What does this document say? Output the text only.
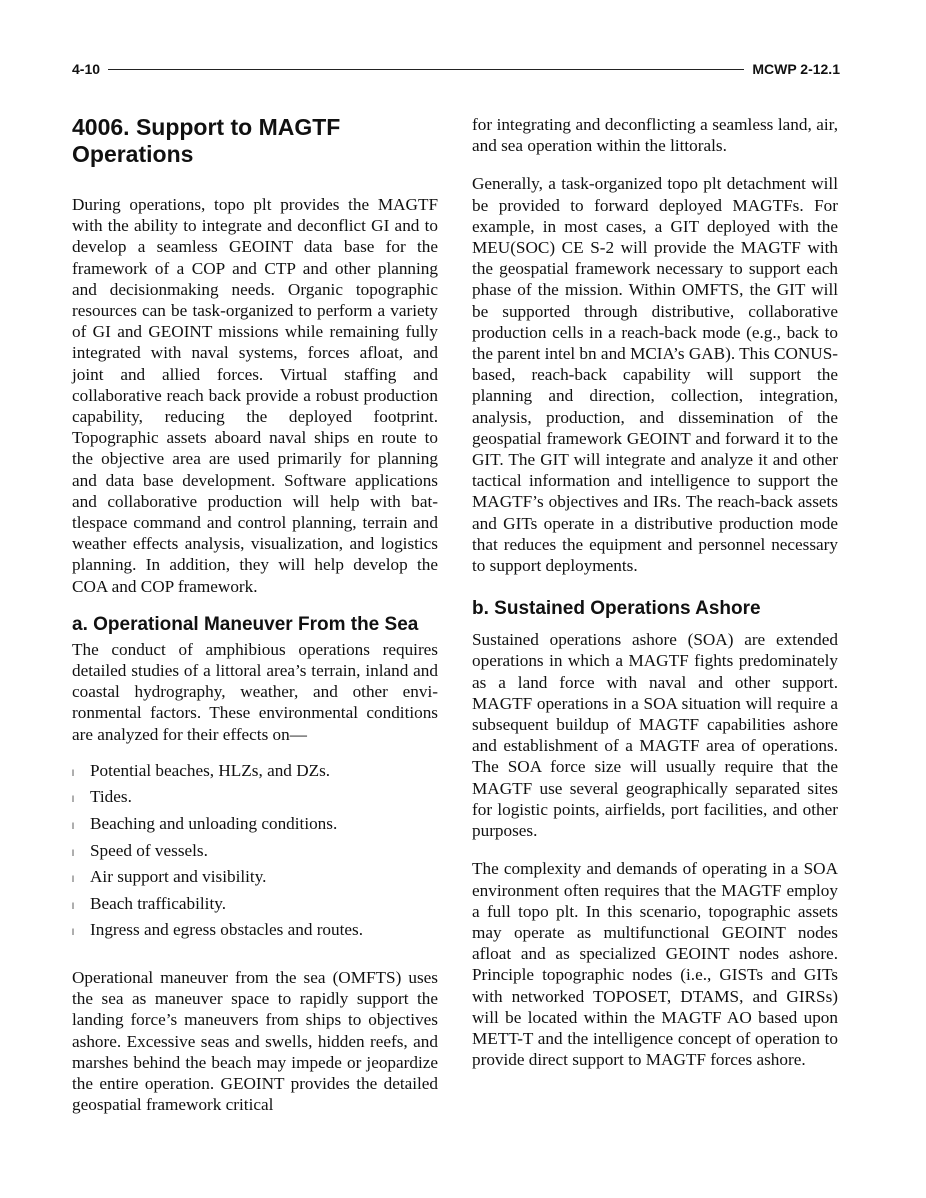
4-10	MCWP 2-12.1
4006. Support to MAGTF Operations

During operations, topo plt provides the MAGTF with the ability to integrate and deconflict GI and to develop a seamless GEOINT data base for the framework of a COP and CTP and other planning and decisionmaking needs. Organic topographic resources can be task-organized to perform a variety of GI and GEOINT missions while remaining fully integrated with naval systems, forces afloat, and joint and allied forces. Virtual staffing and collaborative reach back provide a robust production capability, reducing the deployed footprint. Topographic assets aboard naval ships en route to the objective area are used primarily for planning and data base development. Software applications and collaborative production will help with battlespace command and control planning, terrain and weather effects analysis, visualization, and logistics planning. In addition, they will help develop the COA and COP framework.

a. Operational Maneuver From the Sea

The conduct of amphibious operations requires detailed studies of a littoral area’s terrain, inland and coastal hydrography, weather, and other environmental factors. These environmental conditions are analyzed for their effects on—

l Potential beaches, HLZs, and DZs.
l Tides.
l Beaching and unloading conditions.
l Speed of vessels.
l Air support and visibility.
l Beach trafficability.
l Ingress and egress obstacles and routes.

Operational maneuver from the sea (OMFTS) uses the sea as maneuver space to rapidly support the landing force’s maneuvers from ships to objectives ashore. Excessive seas and swells, hidden reefs, and marshes behind the beach may impede or jeopardize the entire operation. GEOINT provides the detailed geospatial framework critical

for integrating and deconflicting a seamless land, air, and sea operation within the littorals.

Generally, a task-organized topo plt detachment will be provided to forward deployed MAGTFs. For example, in most cases, a GIT deployed with the MEU(SOC) CE S-2 will provide the MAGTF with the geospatial framework necessary to support each phase of the mission. Within OMFTS, the GIT will be supported through distributive, collaborative production cells in a reach-back mode (e.g., back to the parent intel bn and MCIA’s GAB). This CONUS-based, reach-back capability will support the planning and direction, collection, integration, analysis, production, and dissemination of the geospatial framework GEOINT and forward it to the GIT. The GIT will integrate and analyze it and other tactical information and intelligence to support the MAGTF’s objectives and IRs. The reach-back assets and GITs operate in a distributive production mode that reduces the equipment and personnel necessary to support deployments.

b. Sustained Operations Ashore

Sustained operations ashore (SOA) are extended operations in which a MAGTF fights predominately as a land force with naval and other support. MAGTF operations in a SOA situation will require a subsequent buildup of MAGTF capabilities ashore and establishment of a MAGTF area of operations. The SOA force size will usually require that the MAGTF use several geographically separated sites for logistic points, airfields, port facilities, and other purposes.

The complexity and demands of operating in a SOA environment often requires that the MAGTF employ a full topo plt. In this scenario, topographic assets may operate as multifunctional GEOINT nodes afloat and as specialized GEOINT nodes ashore. Principle topographic nodes (i.e., GISTs and GITs with networked TOPOSET, DTAMS, and GIRSs) will be located within the MAGTF AO based upon METT-T and the intelligence concept of operation to provide direct support to MAGTF forces ashore.
